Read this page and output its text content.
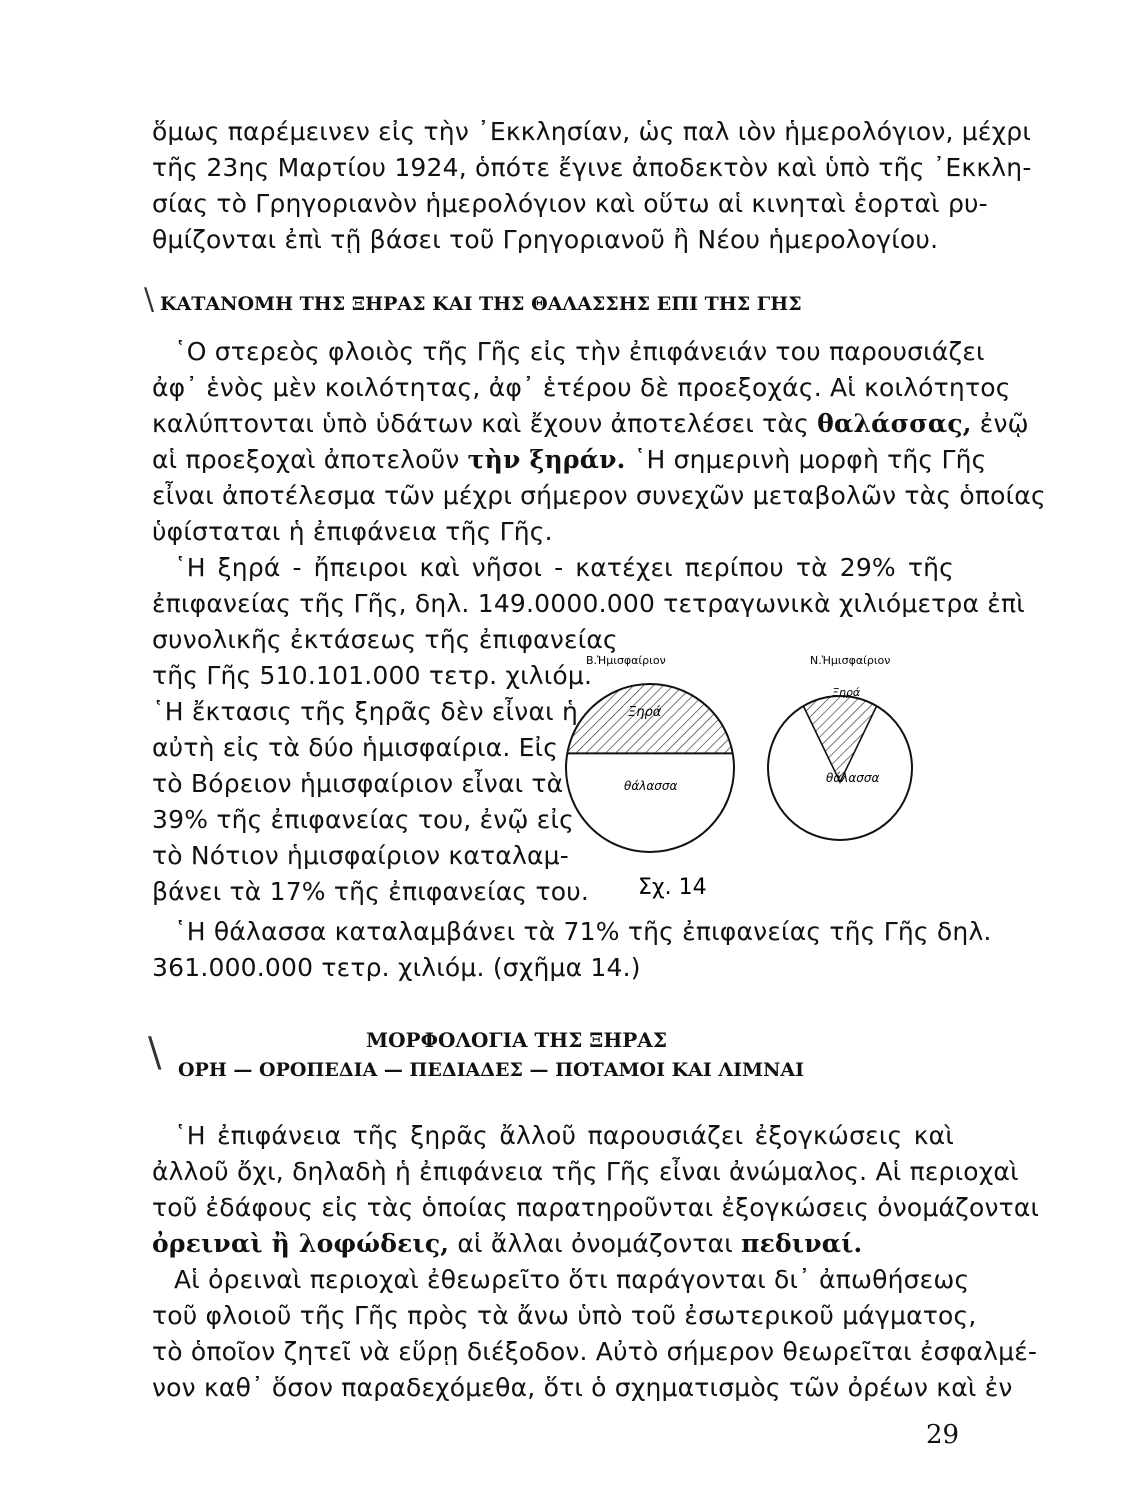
ὅμως παρέμεινεν εἰς τὴν ᾿Εκκλησίαν, ὡς παλ ιὸν ἡμερολόγιον, μέχρι
τῆς 23ης Μαρτίου 1924, ὁπότε ἔγινε ἀποδεκτὸν καὶ ὑπὸ τῆς ᾿Εκκλη-
σίας τὸ Γρηγοριανὸν ἡμερολόγιον καὶ οὕτω αἱ κινηταὶ ἑορταὶ ρυ-
θμίζονται ἐπὶ τῇ βάσει τοῦ Γρηγοριανοῦ ἢ Νέου ἡμερολογίου.
\ ΚΑΤΑΝΟΜΗ ΤΗΣ ΞΗΡΑΣ ΚΑΙ ΤΗΣ ΘΑΛΑΣΣΗΣ ΕΠΙ ΤΗΣ ΓΗΣ
῾Ο στερεὸς φλοιὸς τῆς Γῆς εἰς τὴν ἐπιφάνειάν του παρουσιάζει
ἀφ᾿ ἑνὸς μὲν κοιλότητας, ἀφ᾿ ἑτέρου δὲ προεξοχάς. Αἱ κοιλότητος
καλύπτονται ὑπὸ ὑδάτων καὶ ἔχουν ἀποτελέσει τὰς θαλάσσας, ἐνῷ
αἱ προεξοχαὶ ἀποτελοῦν τὴν ξηράν. ῾Η σημερινὴ μορφὴ τῆς Γῆς
εἶναι ἀποτέλεσμα τῶν μέχρι σήμερον συνεχῶν μεταβολῶν τὰς ὁποίας
ὑφίσταται ἡ ἐπιφάνεια τῆς Γῆς.
῾Η ξηρά - ἤπειροι καὶ νῆσοι - κατέχει περίπου τὰ 29% τῆς
ἐπιφανείας τῆς Γῆς, δηλ. 149.0000.000 τετραγωνικὰ χιλιόμετρα ἐπὶ
συνολικῆς ἐκτάσεως τῆς ἐπιφανείας
τῆς Γῆς 510.101.000 τετρ. χιλιόμ.
῾Η ἔκτασις τῆς ξηρᾶς δὲν εἶναι ἡ
αὐτὴ εἰς τὰ δύο ἡμισφαίρια. Εἰς
τὸ Βόρειον ἡμισφαίριον εἶναι τὰ
39% τῆς ἐπιφανείας του, ἐνῷ εἰς
τὸ Νότιον ἡμισφαίριον καταλαμ-
βάνει τὰ 17% τῆς ἐπιφανείας του.
Β.Ἡμισφαίριον	Ν.Ἡμισφαίριον
Ξηρά
θάλασσα
Ξηρά
θάλασσα
Σχ. 14
῾Η θάλασσα καταλαμβάνει τὰ 71% τῆς ἐπιφανείας τῆς Γῆς δηλ.
361.000.000 τετρ. χιλιόμ. (σχῆμα 14.)
\	ΜΟΡΦΟΛΟΓΙΑ ΤΗΣ ΞΗΡΑΣ
ΟΡΗ — ΟΡΟΠΕΔΙΑ — ΠΕΔΙΑΔΕΣ — ΠΟΤΑΜΟΙ ΚΑΙ ΛΙΜΝΑΙ
῾Η ἐπιφάνεια τῆς ξηρᾶς ἄλλοῦ παρουσιάζει ἐξογκώσεις καὶ
ἀλλοῦ ὄχι, δηλαδὴ ἡ ἐπιφάνεια τῆς Γῆς εἶναι ἀνώμαλος. Αἱ περιοχαὶ
τοῦ ἐδάφους εἰς τὰς ὁποίας παρατηροῦνται ἐξογκώσεις ὀνομάζονται
ὀρειναὶ ἢ λοφώδεις, αἱ ἄλλαι ὀνομάζονται πεδιναί.
Αἱ ὀρειναὶ περιοχαὶ ἐθεωρεῖτο ὅτι παράγονται δι᾿ ἀπωθήσεως
τοῦ φλοιοῦ τῆς Γῆς πρὸς τὰ ἄνω ὑπὸ τοῦ ἐσωτερικοῦ μάγματος,
τὸ ὁποῖον ζητεῖ νὰ εὕρῃ διέξοδον. Αὐτὸ σήμερον θεωρεῖται ἐσφαλμέ-
νον καθ᾿ ὅσον παραδεχόμεθα, ὅτι ὁ σχηματισμὸς τῶν ὀρέων καὶ ἐν
29
